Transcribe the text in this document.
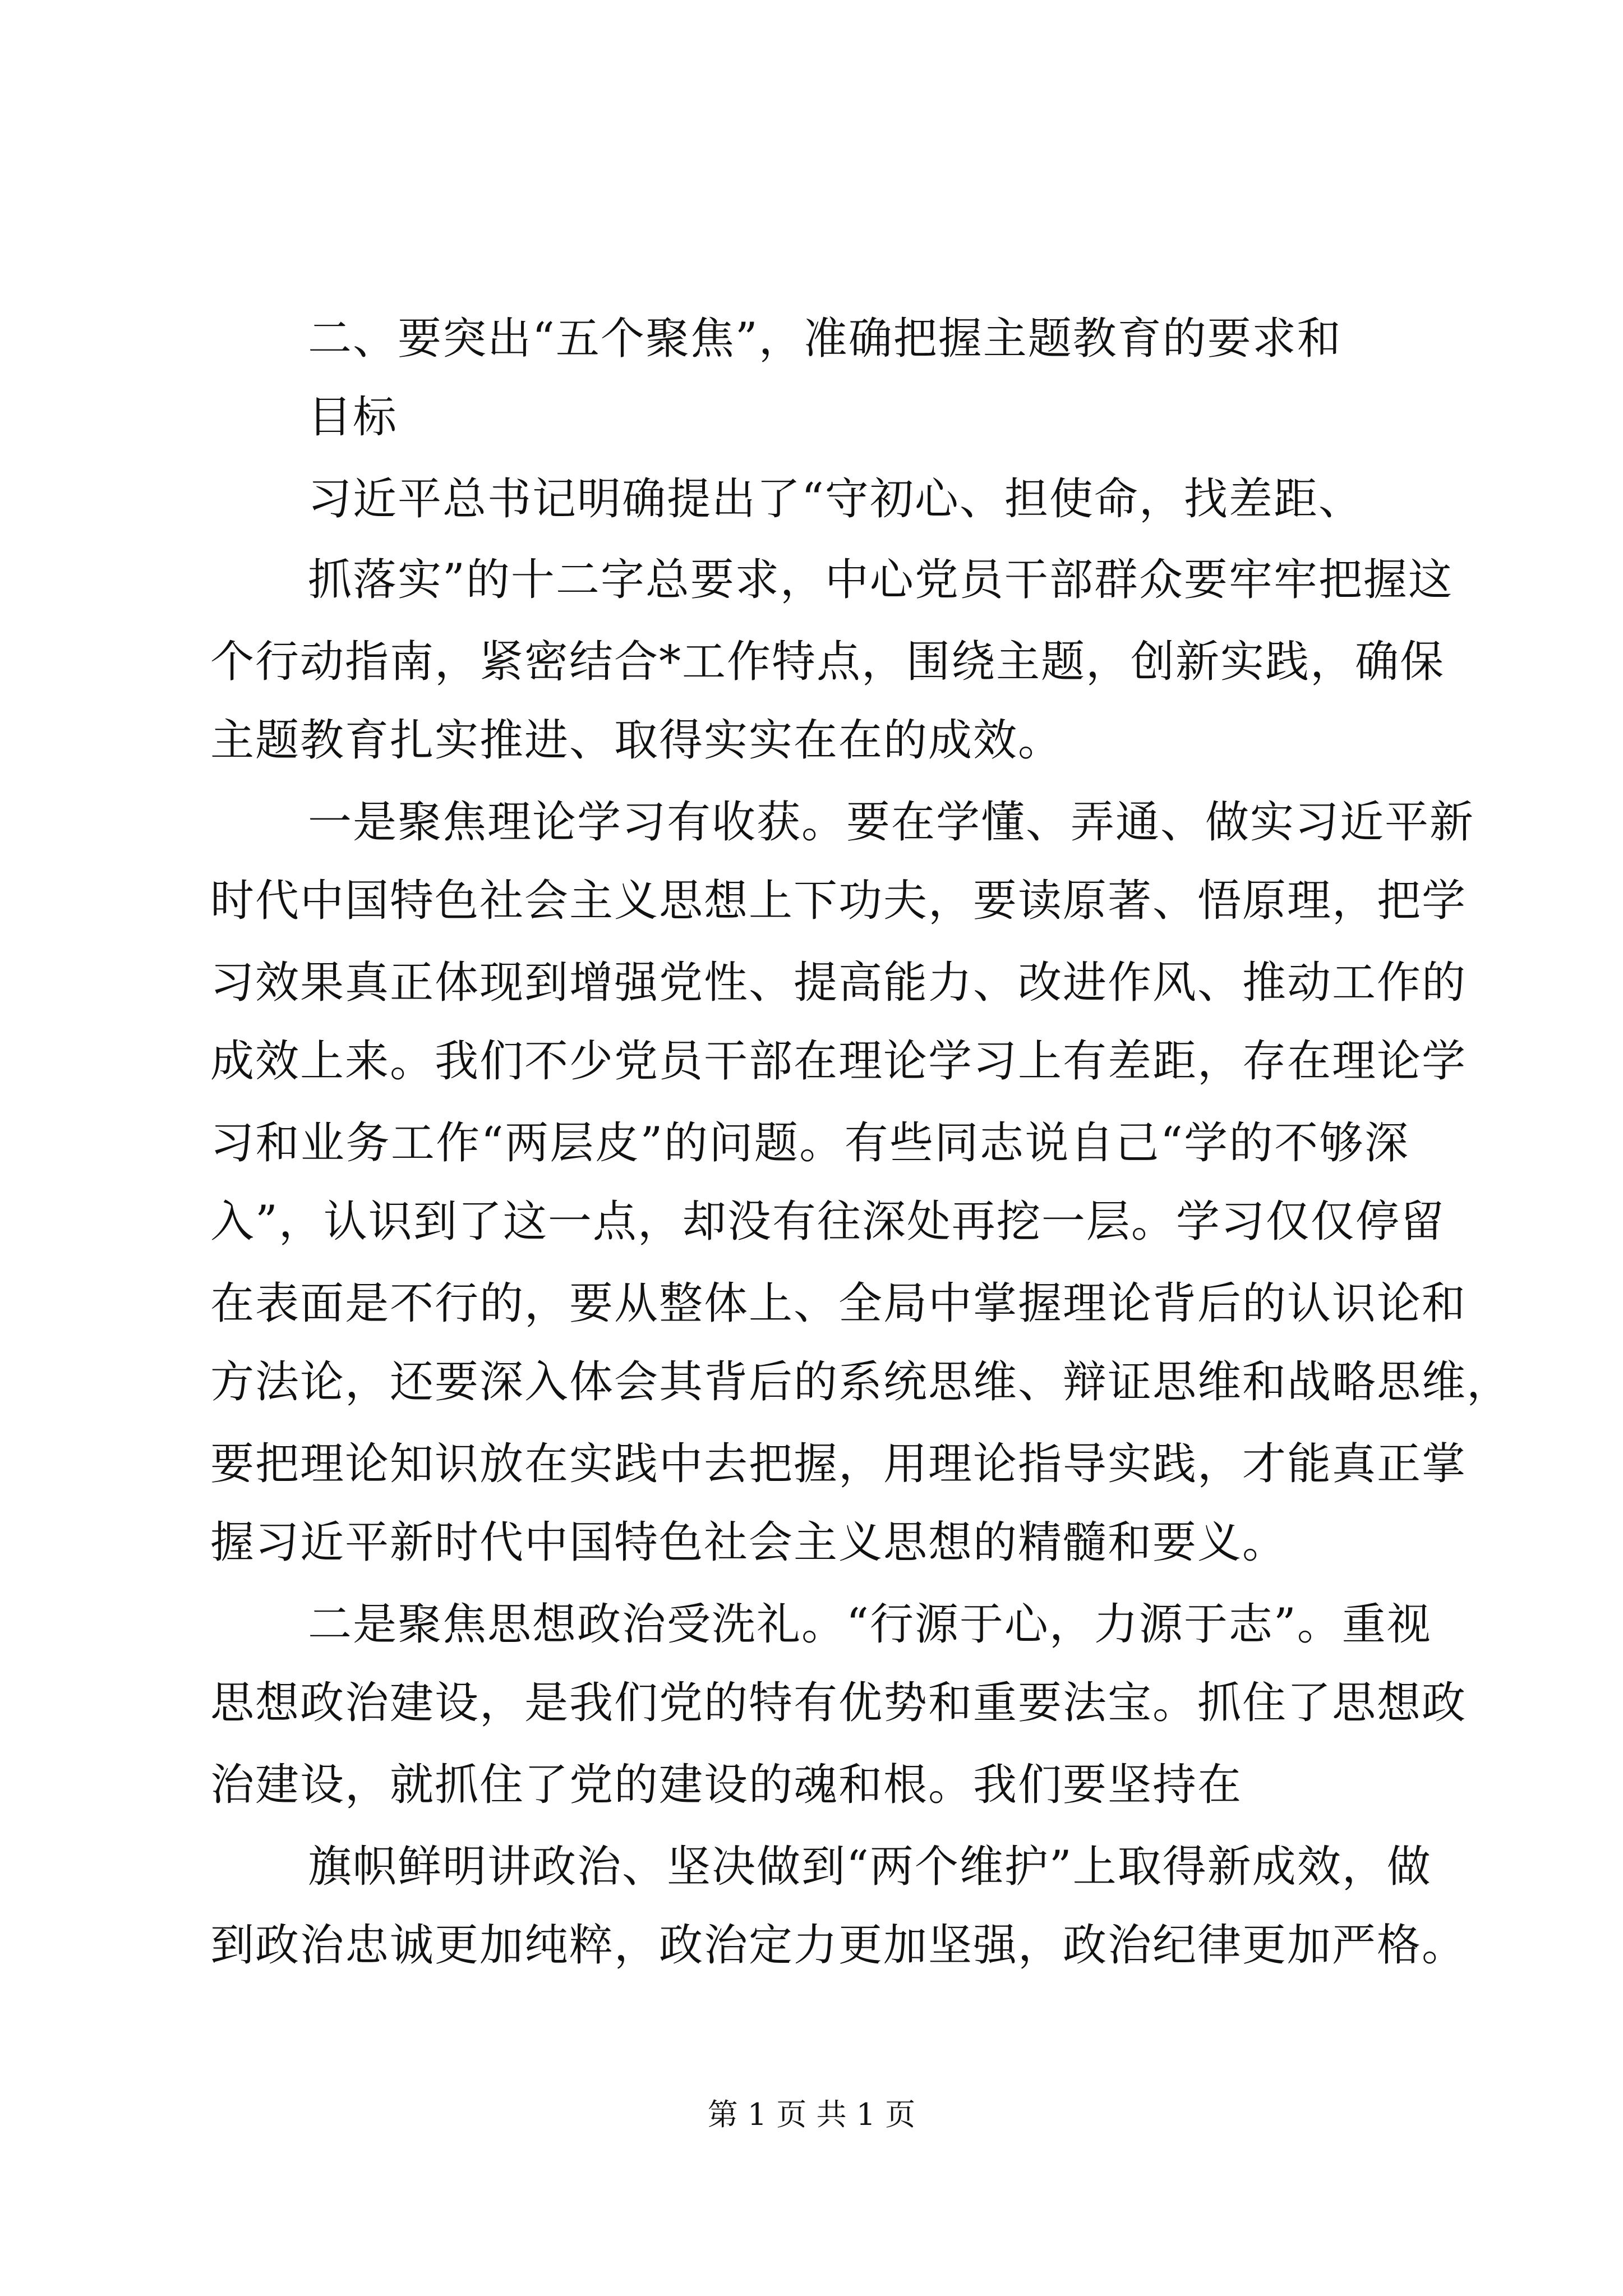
二、要突出“五个聚焦”，准确把握主题教育的要求和
目标
习近平总书记明确提出了“守初心、担使命，找差距、
抓落实”的十二字总要求，中心党员干部群众要牢牢把握这
个行动指南，紧密结合*工作特点，围绕主题，创新实践，确保
主题教育扎实推进、取得实实在在的成效。
一是聚焦理论学习有收获。要在学懂、弄通、做实习近平新
时代中国特色社会主义思想上下功夫，要读原著、悟原理，把学
习效果真正体现到增强党性、提高能力、改进作风、推动工作的
成效上来。我们不少党员干部在理论学习上有差距，存在理论学
习和业务工作“两层皮”的问题。有些同志说自己“学的不够深
入”，认识到了这一点，却没有往深处再挖一层。学习仅仅停留
在表面是不行的，要从整体上、全局中掌握理论背后的认识论和
方法论，还要深入体会其背后的系统思维、辩证思维和战略思维，
要把理论知识放在实践中去把握，用理论指导实践，才能真正掌
握习近平新时代中国特色社会主义思想的精髓和要义。
二是聚焦思想政治受洗礼。“行源于心，力源于志”。重视
思想政治建设，是我们党的特有优势和重要法宝。抓住了思想政
治建设，就抓住了党的建设的魂和根。我们要坚持在
旗帜鲜明讲政治、坚决做到“两个维护”上取得新成效，做
到政治忠诚更加纯粹，政治定力更加坚强，政治纪律更加严格。
第 1 页 共 1 页
